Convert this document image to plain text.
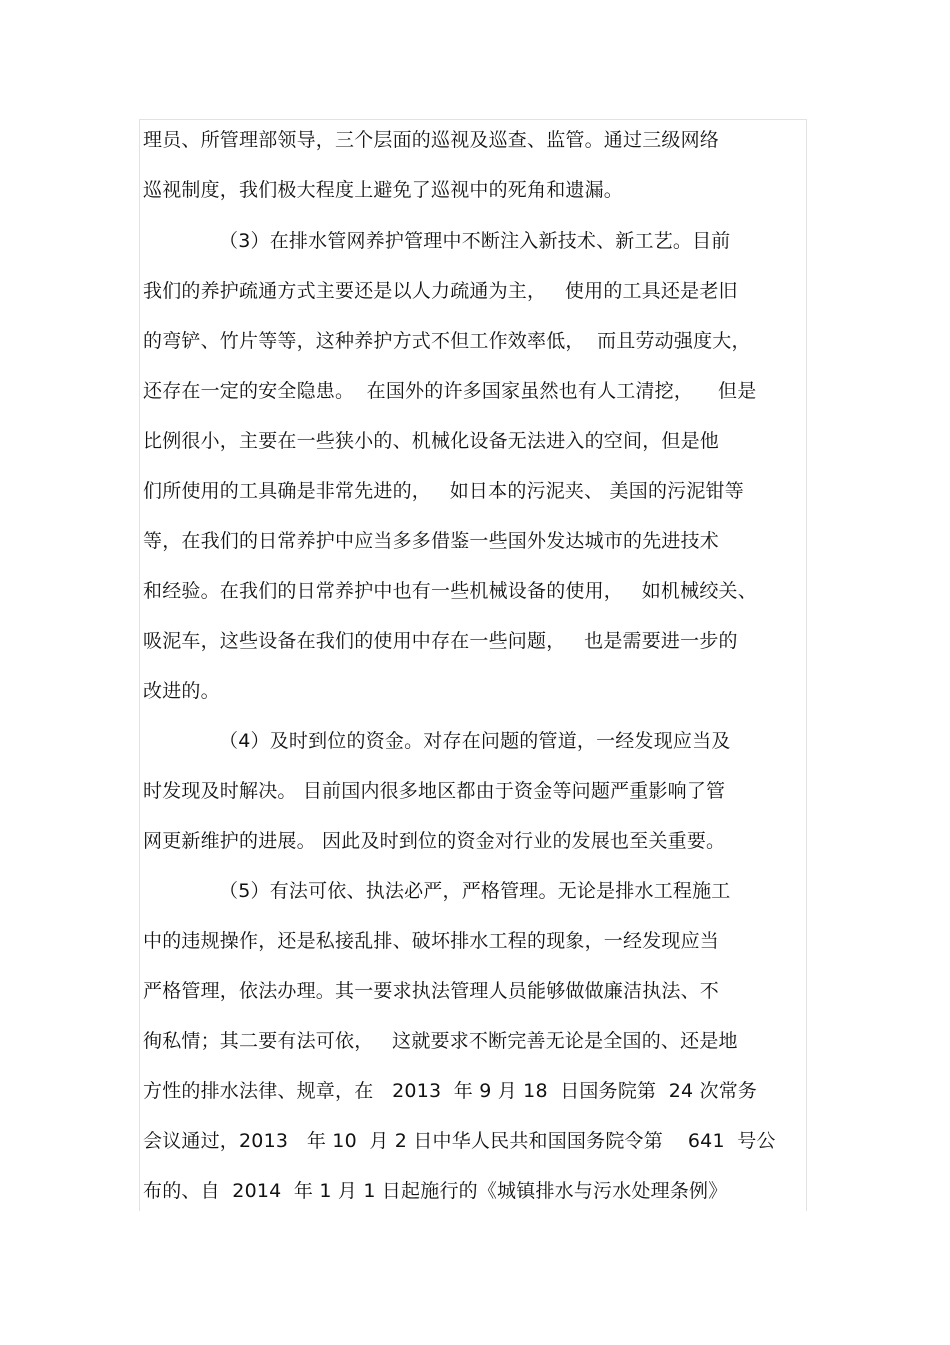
理员、所管理部领导，三个层面的巡视及巡查、监管。通过三级网络
巡视制度，我们极大程度上避免了巡视中的死角和遗漏。
（3）在排水管网养护管理中不断注入新技术、新工艺。目前
我们的养护疏通方式主要还是以人力疏通为主，   使用的工具还是老旧
的弯铲、竹片等等，这种养护方式不但工作效率低，  而且劳动强度大，
还存在一定的安全隐患。  在国外的许多国家虽然也有人工清挖，    但是
比例很小，主要在一些狭小的、机械化设备无法进入的空间，但是他
们所使用的工具确是非常先进的，   如日本的污泥夹、 美国的污泥钳等
等，在我们的日常养护中应当多多借鉴一些国外发达城市的先进技术
和经验。在我们的日常养护中也有一些机械设备的使用，   如机械绞关、
吸泥车，这些设备在我们的使用中存在一些问题，   也是需要进一步的
改进的。
（4）及时到位的资金。对存在问题的管道，一经发现应当及
时发现及时解决。 目前国内很多地区都由于资金等问题严重影响了管
网更新维护的进展。 因此及时到位的资金对行业的发展也至关重要。
（5）有法可依、执法必严，严格管理。无论是排水工程施工
中的违规操作，还是私接乱排、破坏排水工程的现象，一经发现应当
严格管理，依法办理。其一要求执法管理人员能够做做廉洁执法、不
徇私情；其二要有法可依，   这就要求不断完善无论是全国的、还是地
方性的排水法律、规章，在   2013  年 9 月 18  日国务院第  24 次常务
会议通过，2013   年 10  月 2 日中华人民共和国国务院令第    641  号公
布的、自  2014  年 1 月 1 日起施行的《城镇排水与污水处理条例》
